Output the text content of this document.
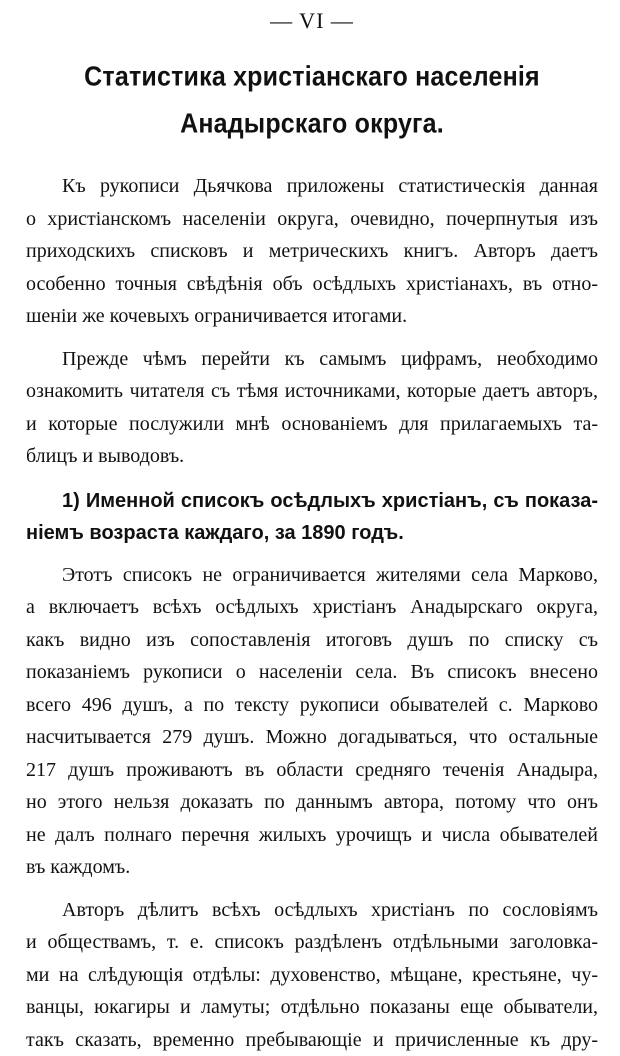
— VI —
Статистика христіанскаго населенія
Анадырскаго округа.

Къ рукописи Дьячкова приложены статистическія данная
о христіанскомъ населеніи округа, очевидно, почерпнутыя изъ
приходскихъ списковъ и метрическихъ книгъ. Авторъ даетъ
особенно точныя свѣдѣнія объ осѣдлыхъ христіанахъ, въ отно-
шеніи же кочевыхъ ограничивается итогами.

Прежде чѣмъ перейти къ самымъ цифрамъ, необходимо
ознакомить читателя съ тѣмя источниками, которые даетъ авторъ,
и которые послужили мнѣ основаніемъ для прилагаемыхъ та-
блицъ и выводовъ.

1) Именной списокъ осѣдлыхъ христіанъ, съ показа-
ніемъ возраста каждаго, за 1890 годъ.

Этотъ списокъ не ограничивается жителями села Марково,
а включаетъ всѣхъ осѣдлыхъ христіанъ Анадырскаго округа,
какъ видно изъ сопоставленія итоговъ душъ по списку съ
показаніемъ рукописи о населеніи села. Въ списокъ внесено
всего 496 душъ, а по тексту рукописи обывателей с. Марково
насчитывается 279 душъ. Можно догадываться, что остальные
217 душъ проживаютъ въ области средняго теченія Анадыра,
но этого нельзя доказать по даннымъ автора, потому что онъ
не далъ полнаго перечня жилыхъ урочищъ и числа обывателей
въ каждомъ.

Авторъ дѣлитъ всѣхъ осѣдлыхъ христіанъ по сословіямъ
и обществамъ, т. е. списокъ раздѣленъ отдѣльными заголовка-
ми на слѣдующія отдѣлы: духовенство, мѣщане, крестьяне, чу-
ванцы, юкагиры и ламуты; отдѣльно показаны еще обыватели,
такъ сказать, временно пребывающіе и причисленные къ дру-
